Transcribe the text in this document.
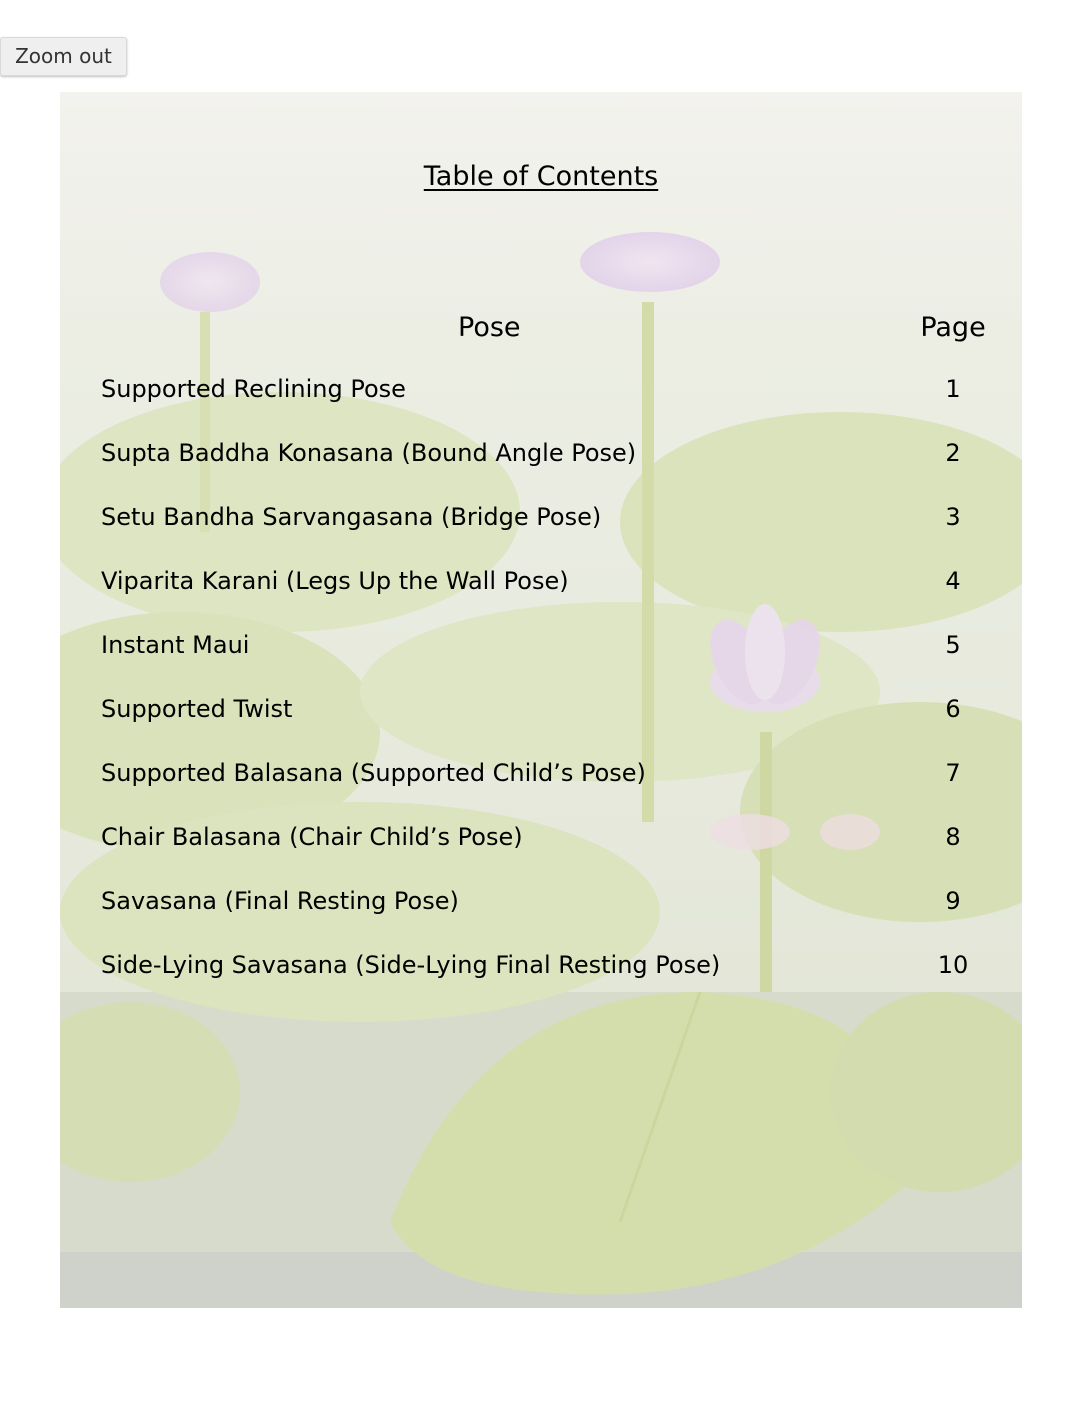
Zoom out
Table of Contents
Pose	Page
Supported Reclining Pose	1
Supta Baddha Konasana (Bound Angle Pose)	2
Setu Bandha Sarvangasana (Bridge Pose)	3
Viparita Karani (Legs Up the Wall Pose)	4
Instant Maui	5
Supported Twist	6
Supported Balasana (Supported Child’s Pose)	7
Chair Balasana (Chair Child’s Pose)	8
Savasana (Final Resting Pose)	9
Side-Lying Savasana (Side-Lying Final Resting Pose)	10
